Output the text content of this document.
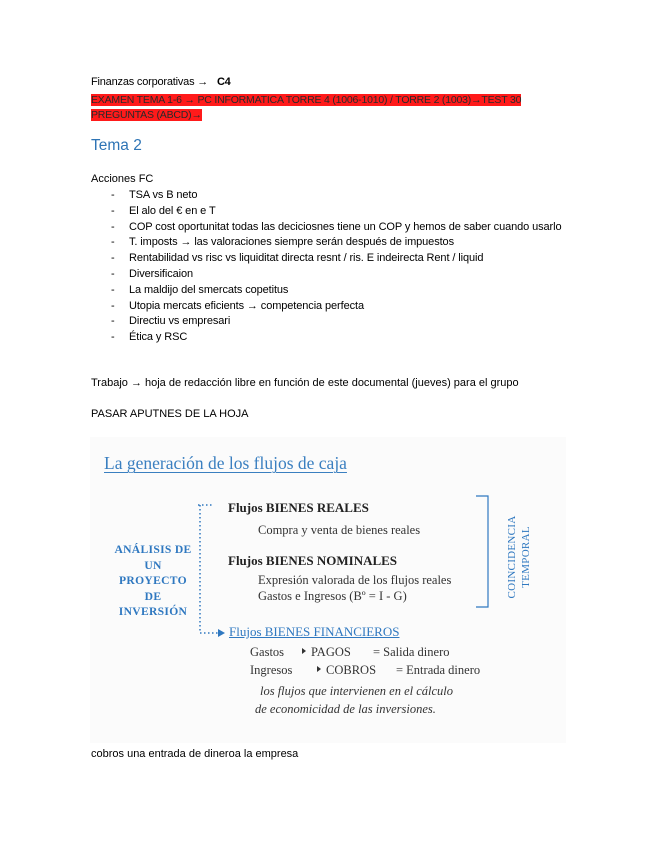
Finanzas corporativas → C4
EXAMEN TEMA 1-6 → PC INFORMATICA TORRE 4 (1006-1010) / TORRE 2 (1003)→TEST 30 PREGUNTAS (ABCD)→
Tema 2
Acciones FC
- TSA vs B neto
- El alo del € en e T
- COP cost oportunitat todas las deciciosnes tiene un COP y hemos de saber cuando usarlo
- T. imposts → las valoraciones siempre serán después de impuestos
- Rentabilidad vs risc vs liquiditat directa resnt / ris. E indeirecta Rent / liquid
- Diversificaion
- La maldijo del smercats copetitus
- Utopia mercats eficients → competencia perfecta
- Directiu vs empresari
- Ética y RSC
Trabajo → hoja de redacción libre en función de este documental (jueves) para el grupo
PASAR APUTNES DE LA HOJA
La generación de los flujos de caja
ANÁLISIS DE UN PROYECTO DE INVERSIÓN
Flujos BIENES REALES
Compra y venta de bienes reales
Flujos BIENES NOMINALES
Expresión valorada de los flujos reales
Gastos e Ingresos (Bº = I - G)	COINCIDENCIA TEMPORAL
Flujos BIENES FINANCIEROS
Gastos PAGOS = Salida dinero
Ingresos	COBROS = Entrada dinero
los flujos que intervienen en el cálculo
de economicidad de las inversiones.
cobros una entrada de dineroa la empresa
